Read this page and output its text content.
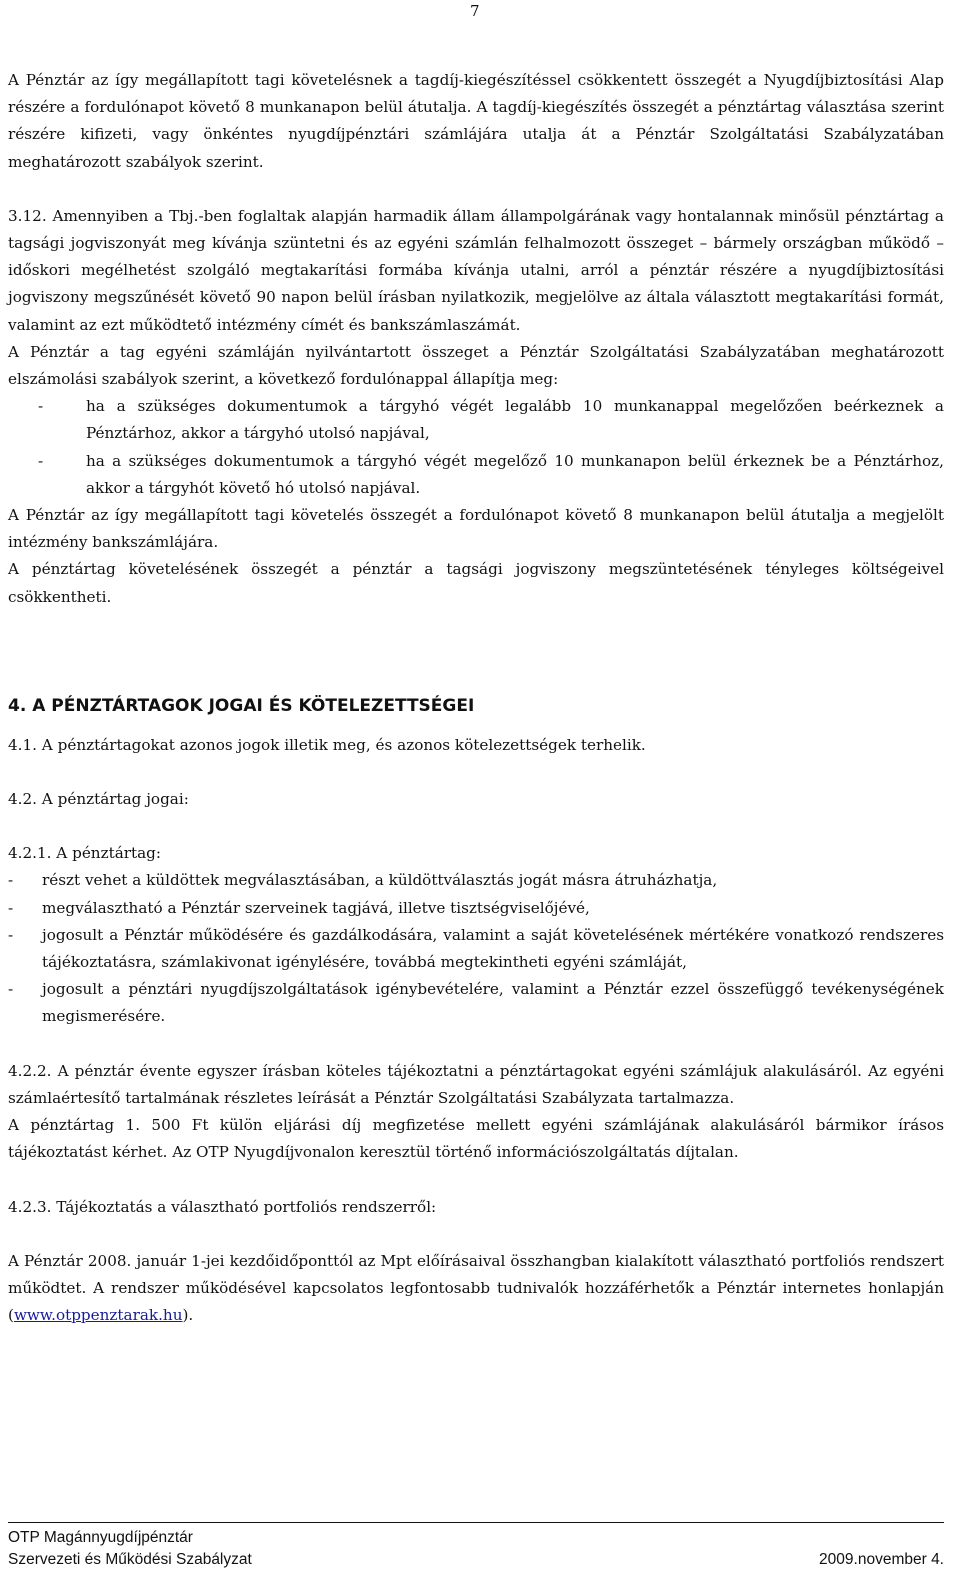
7

A Pénztár az így megállapított tagi követelésnek a tagdíj-kiegészítéssel csökkentett összegét a Nyugdíjbiztosítási Alap részére a fordulónapot követő 8 munkanapon belül átutalja. A tagdíj-kiegészítés összegét a pénztártag választása szerint részére kifizeti, vagy önkéntes nyugdíjpénztári számlájára utalja át a Pénztár Szolgáltatási Szabályzatában meghatározott szabályok szerint.

3.12. Amennyiben a Tbj.-ben foglaltak alapján harmadik állam állampolgárának vagy hontalannak minősül pénztártag a tagsági jogviszonyát meg kívánja szüntetni és az egyéni számlán felhalmozott összeget – bármely országban működő – időskori megélhetést szolgáló megtakarítási formába kívánja utalni, arról a pénztár részére a nyugdíjbiztosítási jogviszony megszűnését követő 90 napon belül írásban nyilatkozik, megjelölve az általa választott megtakarítási formát, valamint az ezt működtető intézmény címét és bankszámlaszámát.

A Pénztár a tag egyéni számláján nyilvántartott összeget a Pénztár Szolgáltatási Szabályzatában meghatározott elszámolási szabályok szerint, a következő fordulónappal állapítja meg:

-	ha a szükséges dokumentumok a tárgyhó végét legalább 10 munkanappal megelőzően beérkeznek a Pénztárhoz, akkor a tárgyhó utolsó napjával,
-	ha a szükséges dokumentumok a tárgyhó végét megelőző 10 munkanapon belül érkeznek be a Pénztárhoz, akkor a tárgyhót követő hó utolsó napjával.

A Pénztár az így megállapított tagi követelés összegét a fordulónapot követő 8 munkanapon belül átutalja a megjelölt intézmény bankszámlájára.

A pénztártag követelésének összegét a pénztár a tagsági jogviszony megszüntetésének tényleges költségeivel csökkentheti.

4. A PÉNZTÁRTAGOK JOGAI ÉS KÖTELEZETTSÉGEI

4.1. A pénztártagokat azonos jogok illetik meg, és azonos kötelezettségek terhelik.

4.2. A pénztártag jogai:

4.2.1. A pénztártag:

- részt vehet a küldöttek megválasztásában, a küldöttválasztás jogát másra átruházhatja,
- megválasztható a Pénztár szerveinek tagjává, illetve tisztségviselőjévé,
- jogosult a Pénztár működésére és gazdálkodására, valamint a saját követelésének mértékére vonatkozó rendszeres tájékoztatásra, számlakivonat igénylésére, továbbá megtekintheti egyéni számláját,
- jogosult a pénztári nyugdíjszolgáltatások igénybevételére, valamint a Pénztár ezzel összefüggő tevékenységének megismerésére.

4.2.2. A pénztár évente egyszer írásban köteles tájékoztatni a pénztártagokat egyéni számlájuk alakulásáról. Az egyéni számlaértesítő tartalmának részletes leírását a Pénztár Szolgáltatási Szabályzata tartalmazza.

A pénztártag 1. 500 Ft külön eljárási díj megfizetése mellett egyéni számlájának alakulásáról bármikor írásos tájékoztatást kérhet. Az OTP Nyugdíjvonalon keresztül történő információszolgáltatás díjtalan.

4.2.3. Tájékoztatás a választható portfoliós rendszerről:

A Pénztár 2008. január 1-jei kezdőidőponttól az Mpt előírásaival összhangban kialakított választható portfoliós rendszert működtet. A rendszer működésével kapcsolatos legfontosabb tudnivalók hozzáférhetők a Pénztár internetes honlapján (www.otppenztarak.hu).

OTP Magánnyugdíjpénztár
Szervezeti és Működési Szabályzat	2009.november 4.
